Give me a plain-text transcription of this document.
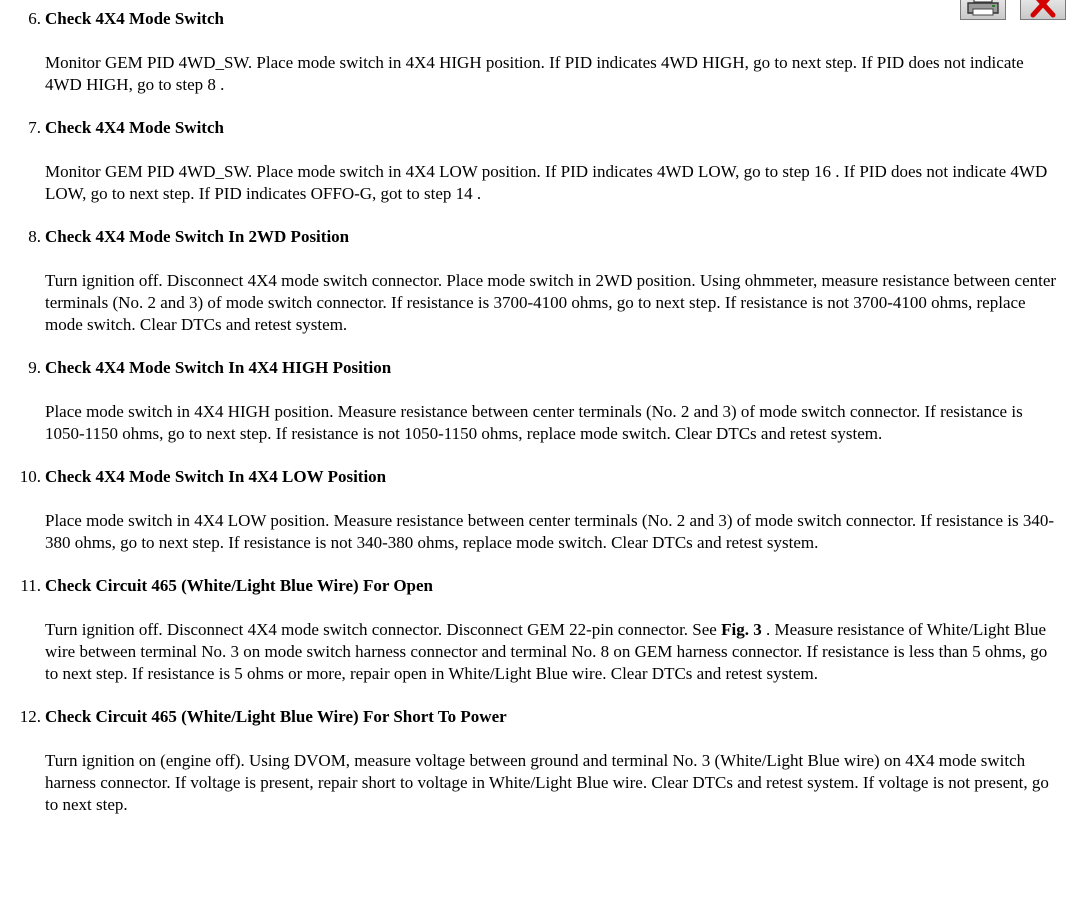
6. Check 4X4 Mode Switch
Monitor GEM PID 4WD_SW. Place mode switch in 4X4 HIGH position. If PID indicates 4WD HIGH, go to next step. If PID does not indicate 4WD HIGH, go to step 8 .
7. Check 4X4 Mode Switch
Monitor GEM PID 4WD_SW. Place mode switch in 4X4 LOW position. If PID indicates 4WD LOW, go to step 16 . If PID does not indicate 4WD LOW, go to next step. If PID indicates OFFO-G, got to step 14 .
8. Check 4X4 Mode Switch In 2WD Position
Turn ignition off. Disconnect 4X4 mode switch connector. Place mode switch in 2WD position. Using ohmmeter, measure resistance between center terminals (No. 2 and 3) of mode switch connector. If resistance is 3700-4100 ohms, go to next step. If resistance is not 3700-4100 ohms, replace mode switch. Clear DTCs and retest system.
9. Check 4X4 Mode Switch In 4X4 HIGH Position
Place mode switch in 4X4 HIGH position. Measure resistance between center terminals (No. 2 and 3) of mode switch connector. If resistance is 1050-1150 ohms, go to next step. If resistance is not 1050-1150 ohms, replace mode switch. Clear DTCs and retest system.
10. Check 4X4 Mode Switch In 4X4 LOW Position
Place mode switch in 4X4 LOW position. Measure resistance between center terminals (No. 2 and 3) of mode switch connector. If resistance is 340-380 ohms, go to next step. If resistance is not 340-380 ohms, replace mode switch. Clear DTCs and retest system.
11. Check Circuit 465 (White/Light Blue Wire) For Open
Turn ignition off. Disconnect 4X4 mode switch connector. Disconnect GEM 22-pin connector. See Fig. 3 . Measure resistance of White/Light Blue wire between terminal No. 3 on mode switch harness connector and terminal No. 8 on GEM harness connector. If resistance is less than 5 ohms, go to next step. If resistance is 5 ohms or more, repair open in White/Light Blue wire. Clear DTCs and retest system.
12. Check Circuit 465 (White/Light Blue Wire) For Short To Power
Turn ignition on (engine off). Using DVOM, measure voltage between ground and terminal No. 3 (White/Light Blue wire) on 4X4 mode switch harness connector. If voltage is present, repair short to voltage in White/Light Blue wire. Clear DTCs and retest system. If voltage is not present, go to next step.
